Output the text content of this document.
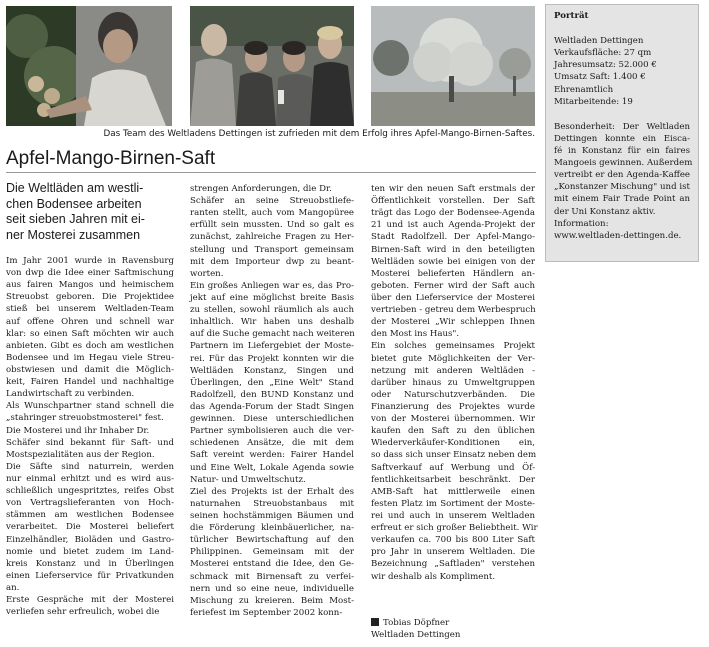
Das Team des Weltladens Dettingen ist zufrieden mit dem Erfolg ihres Apfel-Mango-Birnen-Saftes.
Apfel-Mango-Birnen-Saft
Die Weltläden am westli-
chen Bodensee arbeiten
seit sieben Jahren mit ei-
ner Mosterei zusammen
Im Jahr 2001 wurde in Ravensburg
von dwp die Idee einer Saftmischung
aus fairen Mangos und heimischem
Streuobst geboren. Die Projektidee
stieß bei unserem Weltladen-Team
auf offene Ohren und schnell war
klar: so einen Saft möchten wir auch
anbieten. Gibt es doch am westlichen
Bodensee und im Hegau viele Streu-
obstwiesen und damit die Möglich-
keit, Fairen Handel und nachhaltige
Landwirtschaft zu verbinden.
Als Wunschpartner stand schnell die
„stahringer streuobstmosterei" fest.
Die Mosterei und ihr Inhaber Dr.
Schäfer sind bekannt für Saft- und
Mostspezialitäten aus der Region.
Die Säfte sind naturrein, werden
nur einmal erhitzt und es wird aus-
schließlich ungespritztes, reifes Obst
von Vertragslieferanten von Hoch-
stämmen am westlichen Bodensee
verarbeitet. Die Mosterei beliefert
Einzelhändler, Bioläden und Gastro-
nomie und bietet zudem im Land-
kreis Konstanz und in Überlingen
einen Lieferservice für Privatkunden
an.
Erste Gespräche mit der Mosterei
verliefen sehr erfreulich, wobei die
strengen Anforderungen, die Dr.
Schäfer an seine Streuobstliefe-
ranten stellt, auch vom Mangopüree
erfüllt sein mussten. Und so galt es
zunächst, zahlreiche Fragen zu Her-
stellung und Transport gemeinsam
mit dem Importeur dwp zu beant-
worten.
Ein großes Anliegen war es, das Pro-
jekt auf eine möglichst breite Basis
zu stellen, sowohl räumlich als auch
inhaltlich. Wir haben uns deshalb
auf die Suche gemacht nach weiteren
Partnern im Liefergebiet der Moste-
rei. Für das Projekt konnten wir die
Weltläden Konstanz, Singen und
Überlingen, den „Eine Welt" Stand
Radolfzell, den BUND Konstanz und
das Agenda-Forum der Stadt Singen
gewinnen. Diese unterschiedlichen
Partner symbolisieren auch die ver-
schiedenen Ansätze, die mit dem
Saft vereint werden: Fairer Handel
und Eine Welt, Lokale Agenda sowie
Natur- und Umweltschutz.
Ziel des Projekts ist der Erhalt des
naturnahen Streuobstanbaus mit
seinen hochstämmigen Bäumen und
die Förderung kleinbäuerlicher, na-
türlicher Bewirtschaftung auf den
Philippinen. Gemeinsam mit der
Mosterei entstand die Idee, den Ge-
schmack mit Birnensaft zu verfei-
nern und so eine neue, individuelle
Mischung zu kreieren. Beim Most-
feriefest im September 2002 konn-
ten wir den neuen Saft erstmals der
Öffentlichkeit vorstellen. Der Saft
trägt das Logo der Bodensee-Agenda
21 und ist auch Agenda-Projekt der
Stadt Radolfzell. Der Apfel-Mango-
Birnen-Saft wird in den beteiligten
Weltläden sowie bei einigen von der
Mosterei belieferten Händlern an-
geboten. Ferner wird der Saft auch
über den Lieferservice der Mosterei
vertrieben - getreu dem Werbespruch
der Mosterei „Wir schleppen Ihnen
den Most ins Haus".
Ein solches gemeinsames Projekt
bietet gute Möglichkeiten der Ver-
netzung mit anderen Weltläden -
darüber hinaus zu Umweltgruppen
oder Naturschutzverbänden. Die
Finanzierung des Projektes wurde
von der Mosterei übernommen. Wir
kaufen den Saft zu den üblichen
Wiederverkäufer-Konditionen ein,
so dass sich unser Einsatz neben dem
Saftverkauf auf Werbung und Öf-
fentlichkeitsarbeit beschränkt. Der
AMB-Saft hat mittlerweile einen
festen Platz im Sortiment der Moste-
rei und auch in unserem Weltladen
erfreut er sich großer Beliebtheit. Wir
verkaufen ca. 700 bis 800 Liter Saft
pro Jahr in unserem Weltladen. Die
Bezeichnung „Saftladen" verstehen
wir deshalb als Kompliment.
Tobias Döpfner
Weltladen Dettingen
Porträt
Weltladen Dettingen
Verkaufsfläche: 27 qm
Jahresumsatz: 52.000 €
Umsatz Saft: 1.400 €
Ehrenamtlich
Mitarbeitende: 19
Besonderheit: Der Weltladen
Dettingen konnte ein Eisca-
fé in Konstanz für ein faires
Mangoeis gewinnen. Außerdem
vertreibt er den Agenda-Kaffee
„Konstanzer Mischung" und ist
mit einem Fair Trade Point an
der Uni Konstanz aktiv.
Information:
www.weltladen-dettingen.de.
